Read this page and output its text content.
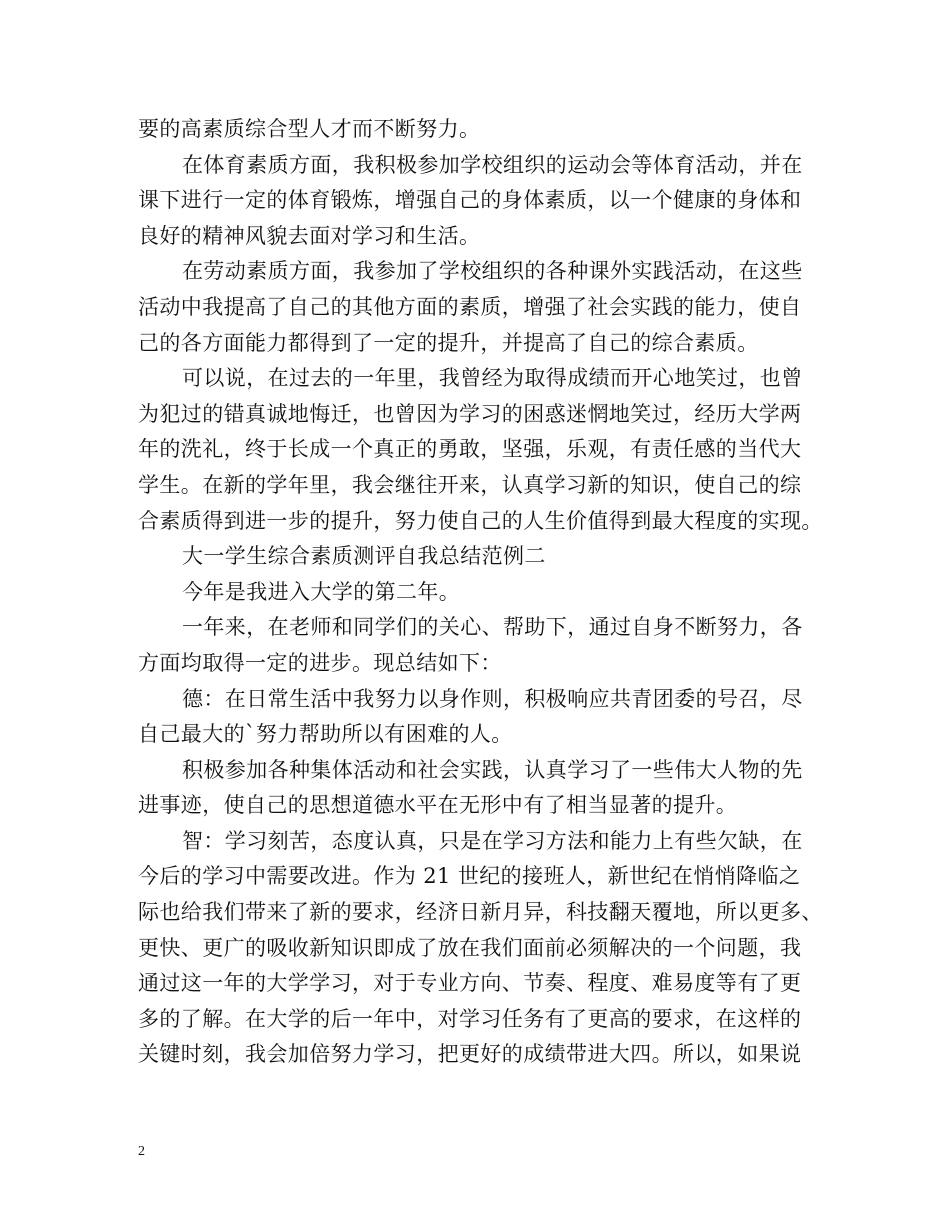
要的高素质综合型人才而不断努力。
在体育素质方面，我积极参加学校组织的运动会等体育活动，并在
课下进行一定的体育锻炼，增强自己的身体素质，以一个健康的身体和
良好的精神风貌去面对学习和生活。
在劳动素质方面，我参加了学校组织的各种课外实践活动，在这些
活动中我提高了自己的其他方面的素质，增强了社会实践的能力，使自
己的各方面能力都得到了一定的提升，并提高了自己的综合素质。
可以说，在过去的一年里，我曾经为取得成绩而开心地笑过，也曾
为犯过的错真诚地悔迁，也曾因为学习的困惑迷惘地笑过，经历大学两
年的洗礼，终于长成一个真正的勇敢，坚强，乐观，有责任感的当代大
学生。在新的学年里，我会继往开来，认真学习新的知识，使自己的综
合素质得到进一步的提升，努力使自己的人生价值得到最大程度的实现。
大一学生综合素质测评自我总结范例二
今年是我进入大学的第二年。
一年来，在老师和同学们的关心、帮助下，通过自身不断努力，各
方面均取得一定的进步。现总结如下：
德：在日常生活中我努力以身作则，积极响应共青团委的号召，尽
自己最大的`努力帮助所以有困难的人。
积极参加各种集体活动和社会实践，认真学习了一些伟大人物的先
进事迹，使自己的思想道德水平在无形中有了相当显著的提升。
智：学习刻苦，态度认真，只是在学习方法和能力上有些欠缺，在
今后的学习中需要改进。作为 21 世纪的接班人，新世纪在悄悄降临之
际也给我们带来了新的要求，经济日新月异，科技翻天覆地，所以更多、
更快、更广的吸收新知识即成了放在我们面前必须解决的一个问题，我
通过这一年的大学学习，对于专业方向、节奏、程度、难易度等有了更
多的了解。在大学的后一年中，对学习任务有了更高的要求，在这样的
关键时刻，我会加倍努力学习，把更好的成绩带进大四。所以，如果说
2
